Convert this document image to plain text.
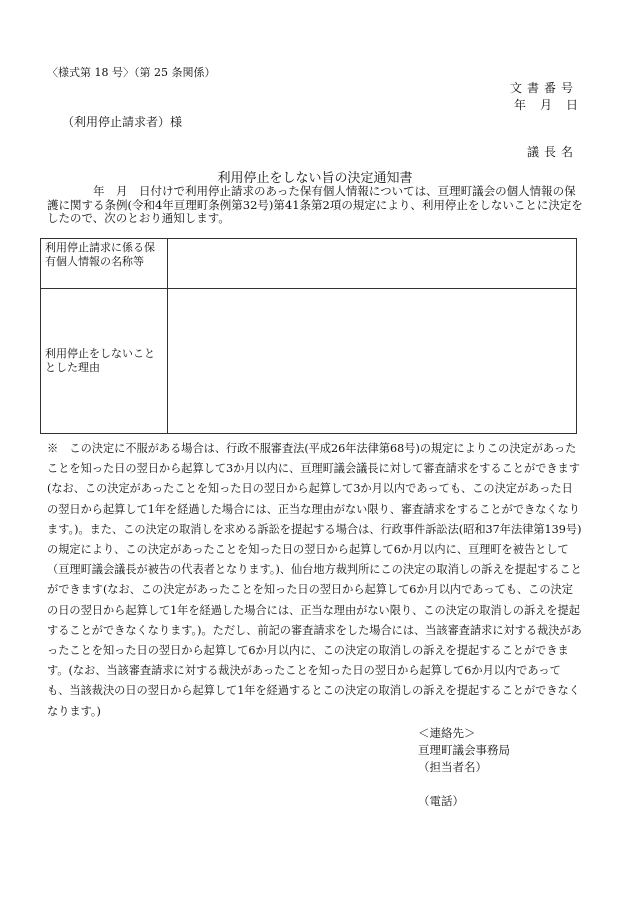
〈様式第 18 号〉（第 25 条関係）
文書番号
年 月 日
（利用停止請求者）様
議長名
利用停止をしない旨の決定通知書
　　　　年　月　日付けで利用停止請求のあった保有個人情報については、亘理町議会の個人情報の保護に関する条例(令和4年亘理町条例第32号)第41条第2項の規定により、利用停止をしないことに決定をしたので、次のとおり通知します。
利用停止請求に係る保有個人情報の名称等	
利用停止をしないこととした理由	

※　この決定に不服がある場合は、行政不服審査法(平成26年法律第68号)の規定によりこの決定があったことを知った日の翌日から起算して3か月以内に、亘理町議会議長に対して審査請求をすることができます(なお、この決定があったことを知った日の翌日から起算して3か月以内であっても、この決定があった日の翌日から起算して1年を経過した場合には、正当な理由がない限り、審査請求をすることができなくなります。)。また、この決定の取消しを求める訴訟を提起する場合は、行政事件訴訟法(昭和37年法律第139号)の規定により、この決定があったことを知った日の翌日から起算して6か月以内に、亘理町を被告として（亘理町議会議長が被告の代表者となります。)、仙台地方裁判所にこの決定の取消しの訴えを提起することができます(なお、この決定があったことを知った日の翌日から起算して6か月以内であっても、この決定の日の翌日から起算して1年を経過した場合には、正当な理由がない限り、この決定の取消しの訴えを提起することができなくなります。)。ただし、前記の審査請求をした場合には、当該審査請求に対する裁決があったことを知った日の翌日から起算して6か月以内に、この決定の取消しの訴えを提起することができます。(なお、当該審査請求に対する裁決があったことを知った日の翌日から起算して6か月以内であっても、当該裁決の日の翌日から起算して1年を経過するとこの決定の取消しの訴えを提起することができなくなります。)

＜連絡先＞
亘理町議会事務局
（担当者名）
（電話）
